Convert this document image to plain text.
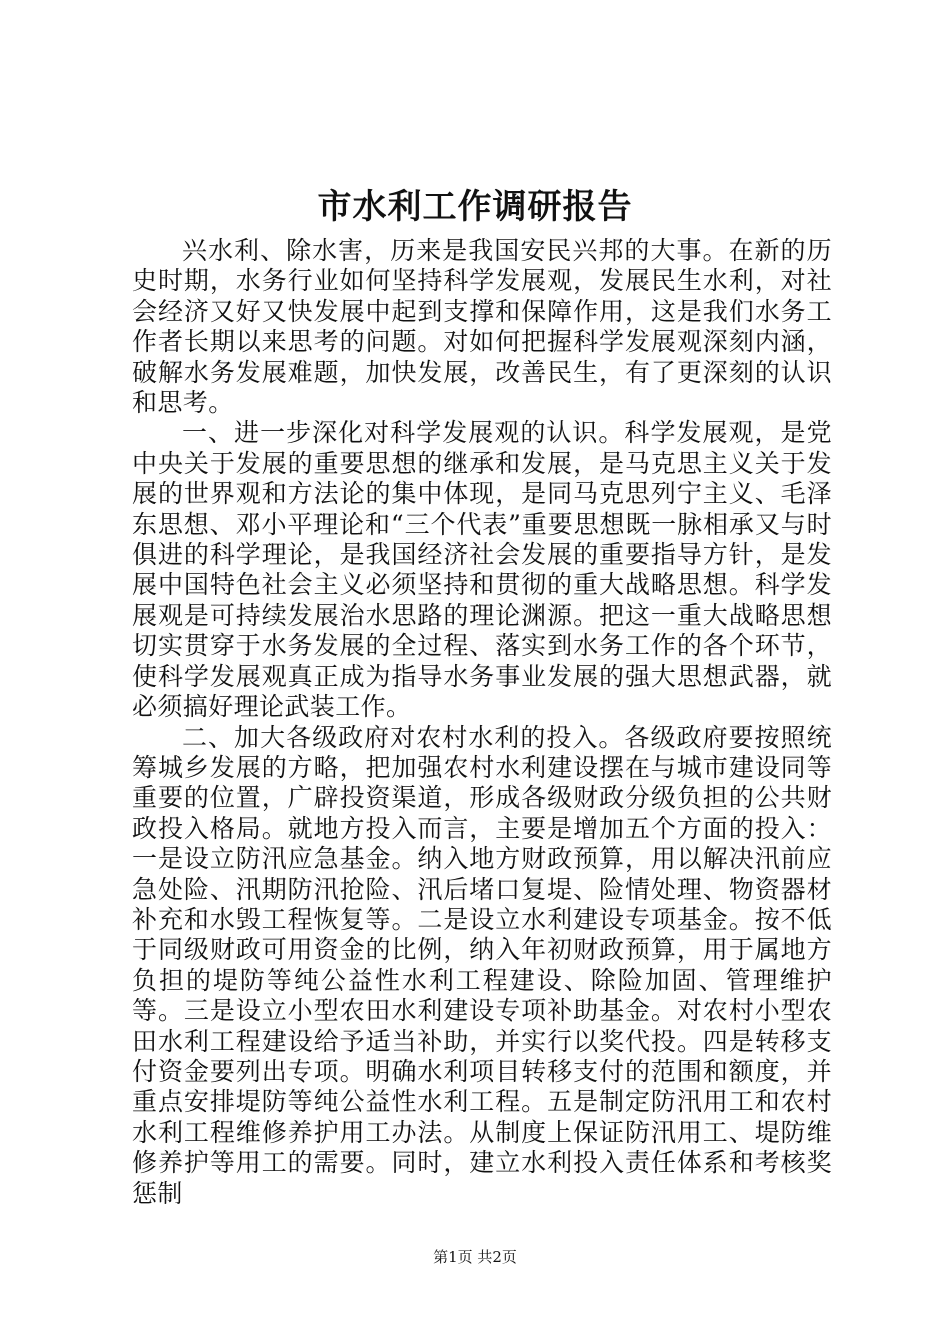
市水利工作调研报告

兴水利、除水害，历来是我国安民兴邦的大事。在新的历史时期，水务行业如何坚持科学发展观，发展民生水利，对社会经济又好又快发展中起到支撑和保障作用，这是我们水务工作者长期以来思考的问题。对如何把握科学发展观深刻内涵，破解水务发展难题，加快发展，改善民生，有了更深刻的认识和思考。

一、进一步深化对科学发展观的认识。科学发展观，是党中央关于发展的重要思想的继承和发展，是马克思主义关于发展的世界观和方法论的集中体现，是同马克思列宁主义、毛泽东思想、邓小平理论和“三个代表”重要思想既一脉相承又与时俱进的科学理论，是我国经济社会发展的重要指导方针，是发展中国特色社会主义必须坚持和贯彻的重大战略思想。科学发展观是可持续发展治水思路的理论渊源。把这一重大战略思想切实贯穿于水务发展的全过程、落实到水务工作的各个环节，使科学发展观真正成为指导水务事业发展的强大思想武器，就必须搞好理论武装工作。

二、加大各级政府对农村水利的投入。各级政府要按照统筹城乡发展的方略，把加强农村水利建设摆在与城市建设同等重要的位置，广辟投资渠道，形成各级财政分级负担的公共财政投入格局。就地方投入而言，主要是增加五个方面的投入：一是设立防汛应急基金。纳入地方财政预算，用以解决汛前应急处险、汛期防汛抢险、汛后堵口复堤、险情处理、物资器材补充和水毁工程恢复等。二是设立水利建设专项基金。按不低于同级财政可用资金的比例，纳入年初财政预算，用于属地方负担的堤防等纯公益性水利工程建设、除险加固、管理维护等。三是设立小型农田水利建设专项补助基金。对农村小型农田水利工程建设给予适当补助，并实行以奖代投。四是转移支付资金要列出专项。明确水利项目转移支付的范围和额度，并重点安排堤防等纯公益性水利工程。五是制定防汛用工和农村水利工程维修养护用工办法。从制度上保证防汛用工、堤防维修养护等用工的需要。同时，建立水利投入责任体系和考核奖惩制

第1页 共2页
